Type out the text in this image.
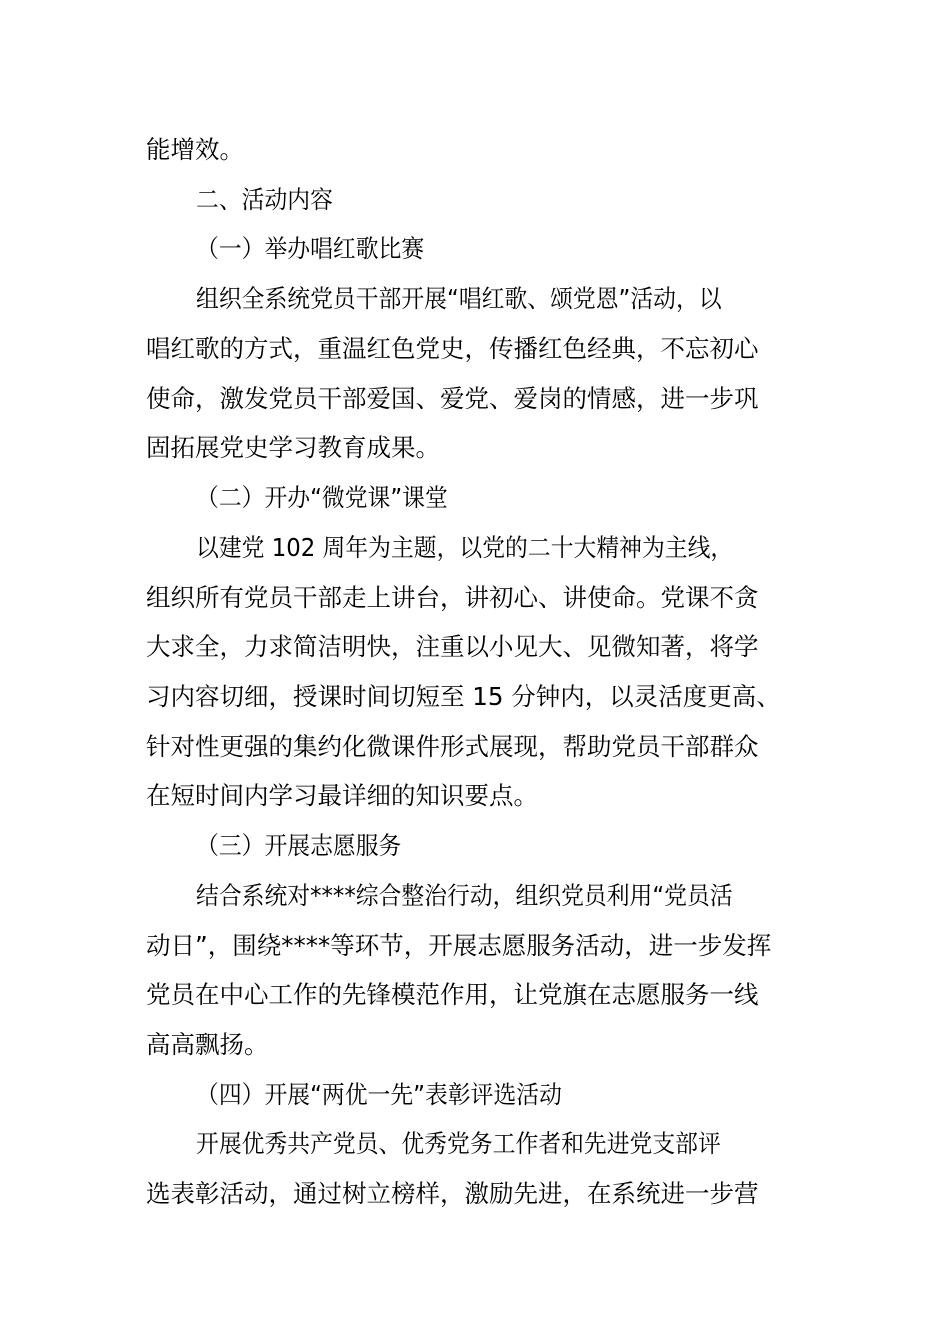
能增效。
二、活动内容
（一）举办唱红歌比赛
组织全系统党员干部开展“唱红歌、颂党恩”活动，以
唱红歌的方式，重温红色党史，传播红色经典，不忘初心
使命，激发党员干部爱国、爱党、爱岗的情感，进一步巩
固拓展党史学习教育成果。
（二）开办“微党课”课堂
以建党 102 周年为主题，以党的二十大精神为主线，
组织所有党员干部走上讲台，讲初心、讲使命。党课不贪
大求全，力求简洁明快，注重以小见大、见微知著，将学
习内容切细，授课时间切短至 15 分钟内，以灵活度更高、
针对性更强的集约化微课件形式展现，帮助党员干部群众
在短时间内学习最详细的知识要点。
（三）开展志愿服务
结合系统对****综合整治行动，组织党员利用“党员活
动日”，围绕****等环节，开展志愿服务活动，进一步发挥
党员在中心工作的先锋模范作用，让党旗在志愿服务一线
高高飘扬。
（四）开展“两优一先”表彰评选活动
开展优秀共产党员、优秀党务工作者和先进党支部评
选表彰活动，通过树立榜样，激励先进，在系统进一步营
